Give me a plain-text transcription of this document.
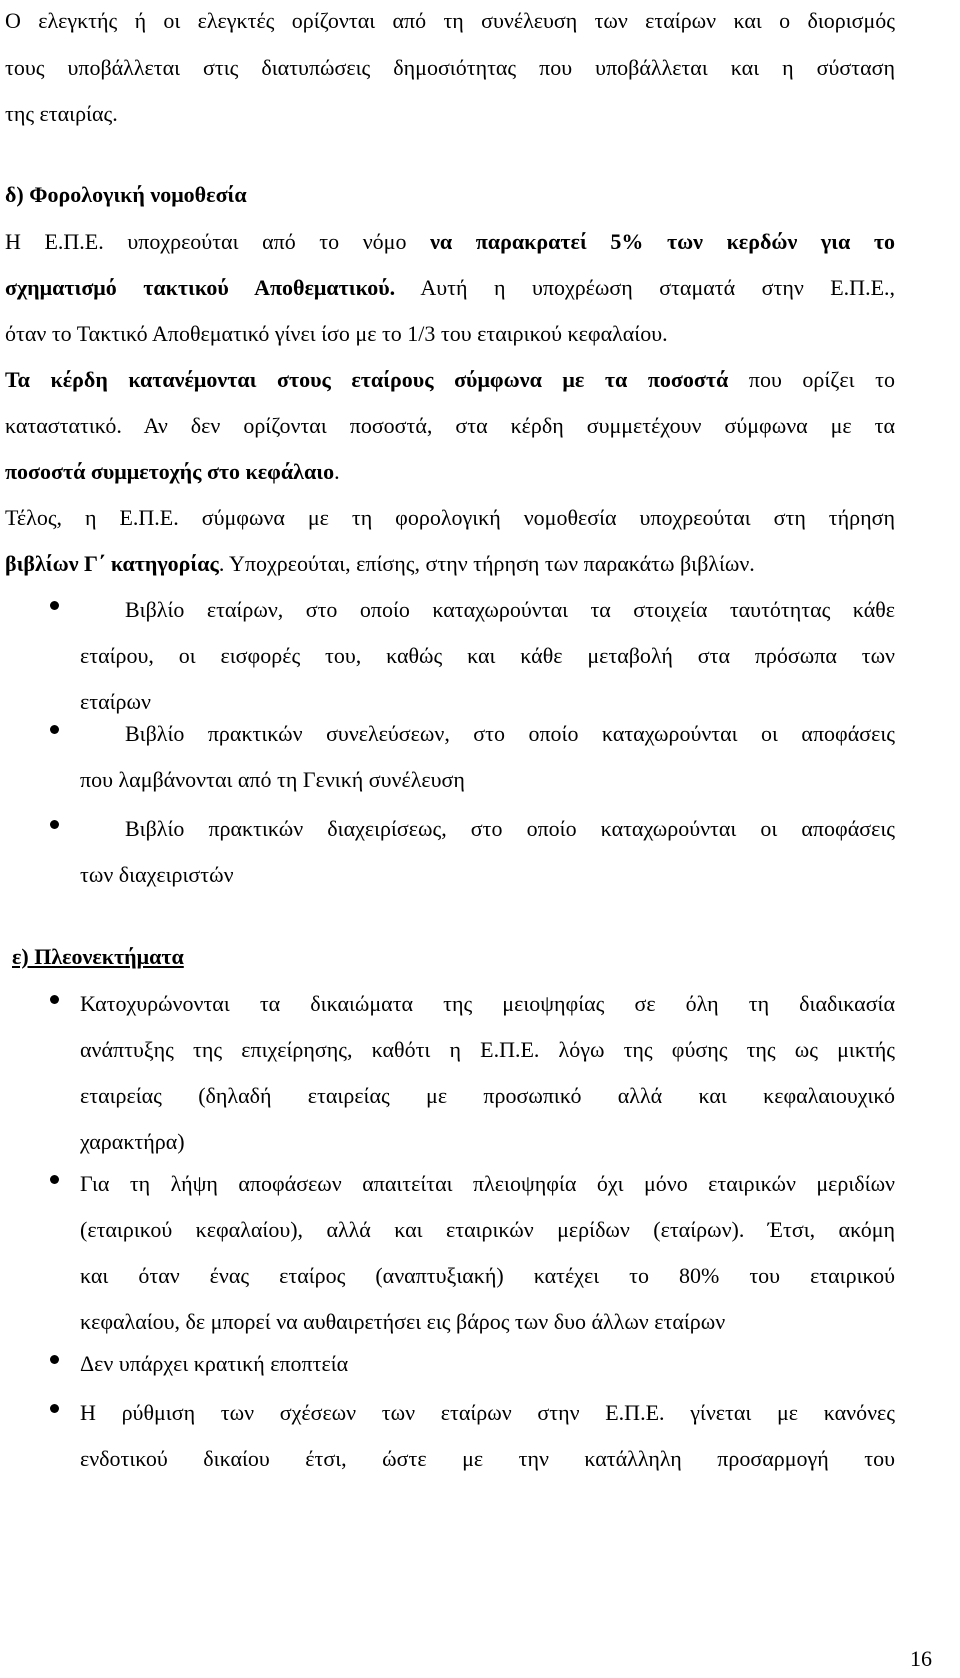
Ο ελεγκτής ή οι ελεγκτές ορίζονται από τη συνέλευση των εταίρων και ο διορισμός
τους υποβάλλεται στις διατυπώσεις δημοσιότητας που υποβάλλεται και η σύσταση
της εταιρίας.
δ) Φορολογική νομοθεσία
Η Ε.Π.Ε. υποχρεούται από το νόμο να παρακρατεί 5% των κερδών για το
σχηματισμό τακτικού Αποθεματικού. Αυτή η υποχρέωση σταματά στην Ε.Π.Ε.,
όταν το Τακτικό Αποθεματικό γίνει ίσο με το 1/3 του εταιρικού κεφαλαίου.
Τα κέρδη κατανέμονται στους εταίρους σύμφωνα με τα ποσοστά που ορίζει το
καταστατικό. Αν δεν ορίζονται ποσοστά, στα κέρδη συμμετέχουν σύμφωνα με τα
ποσοστά συμμετοχής στο κεφάλαιο.
Τέλος, η Ε.Π.Ε. σύμφωνα με τη φορολογική νομοθεσία υποχρεούται στη τήρηση
βιβλίων Γ΄ κατηγορίας. Υποχρεούται, επίσης, στην τήρηση των παρακάτω βιβλίων.
Βιβλίο εταίρων, στο οποίο καταχωρούνται τα στοιχεία ταυτότητας κάθε
εταίρου, οι εισφορές του, καθώς και κάθε μεταβολή στα πρόσωπα των
εταίρων
Βιβλίο πρακτικών συνελεύσεων, στο οποίο καταχωρούνται οι αποφάσεις
που λαμβάνονται από τη Γενική συνέλευση
Βιβλίο πρακτικών διαχειρίσεως, στο οποίο καταχωρούνται οι αποφάσεις
των διαχειριστών
ε) Πλεονεκτήματα
Κατοχυρώνονται τα δικαιώματα της μειοψηφίας σε όλη τη διαδικασία
ανάπτυξης της επιχείρησης, καθότι η Ε.Π.Ε. λόγω της φύσης της ως μικτής
εταιρείας (δηλαδή εταιρείας με προσωπικό αλλά και κεφαλαιουχικό
χαρακτήρα)
Για τη λήψη αποφάσεων απαιτείται πλειοψηφία όχι μόνο εταιρικών μεριδίων
(εταιρικού κεφαλαίου), αλλά και εταιρικών μερίδων (εταίρων). Έτσι, ακόμη
και όταν ένας εταίρος (αναπτυξιακή) κατέχει το 80% του εταιρικού
κεφαλαίου, δε μπορεί να αυθαιρετήσει εις βάρος των δυο άλλων εταίρων
Δεν υπάρχει κρατική εποπτεία
Η ρύθμιση των σχέσεων των εταίρων στην Ε.Π.Ε. γίνεται με κανόνες
ενδοτικού δικαίου έτσι, ώστε με την κατάλληλη προσαρμογή του
16
